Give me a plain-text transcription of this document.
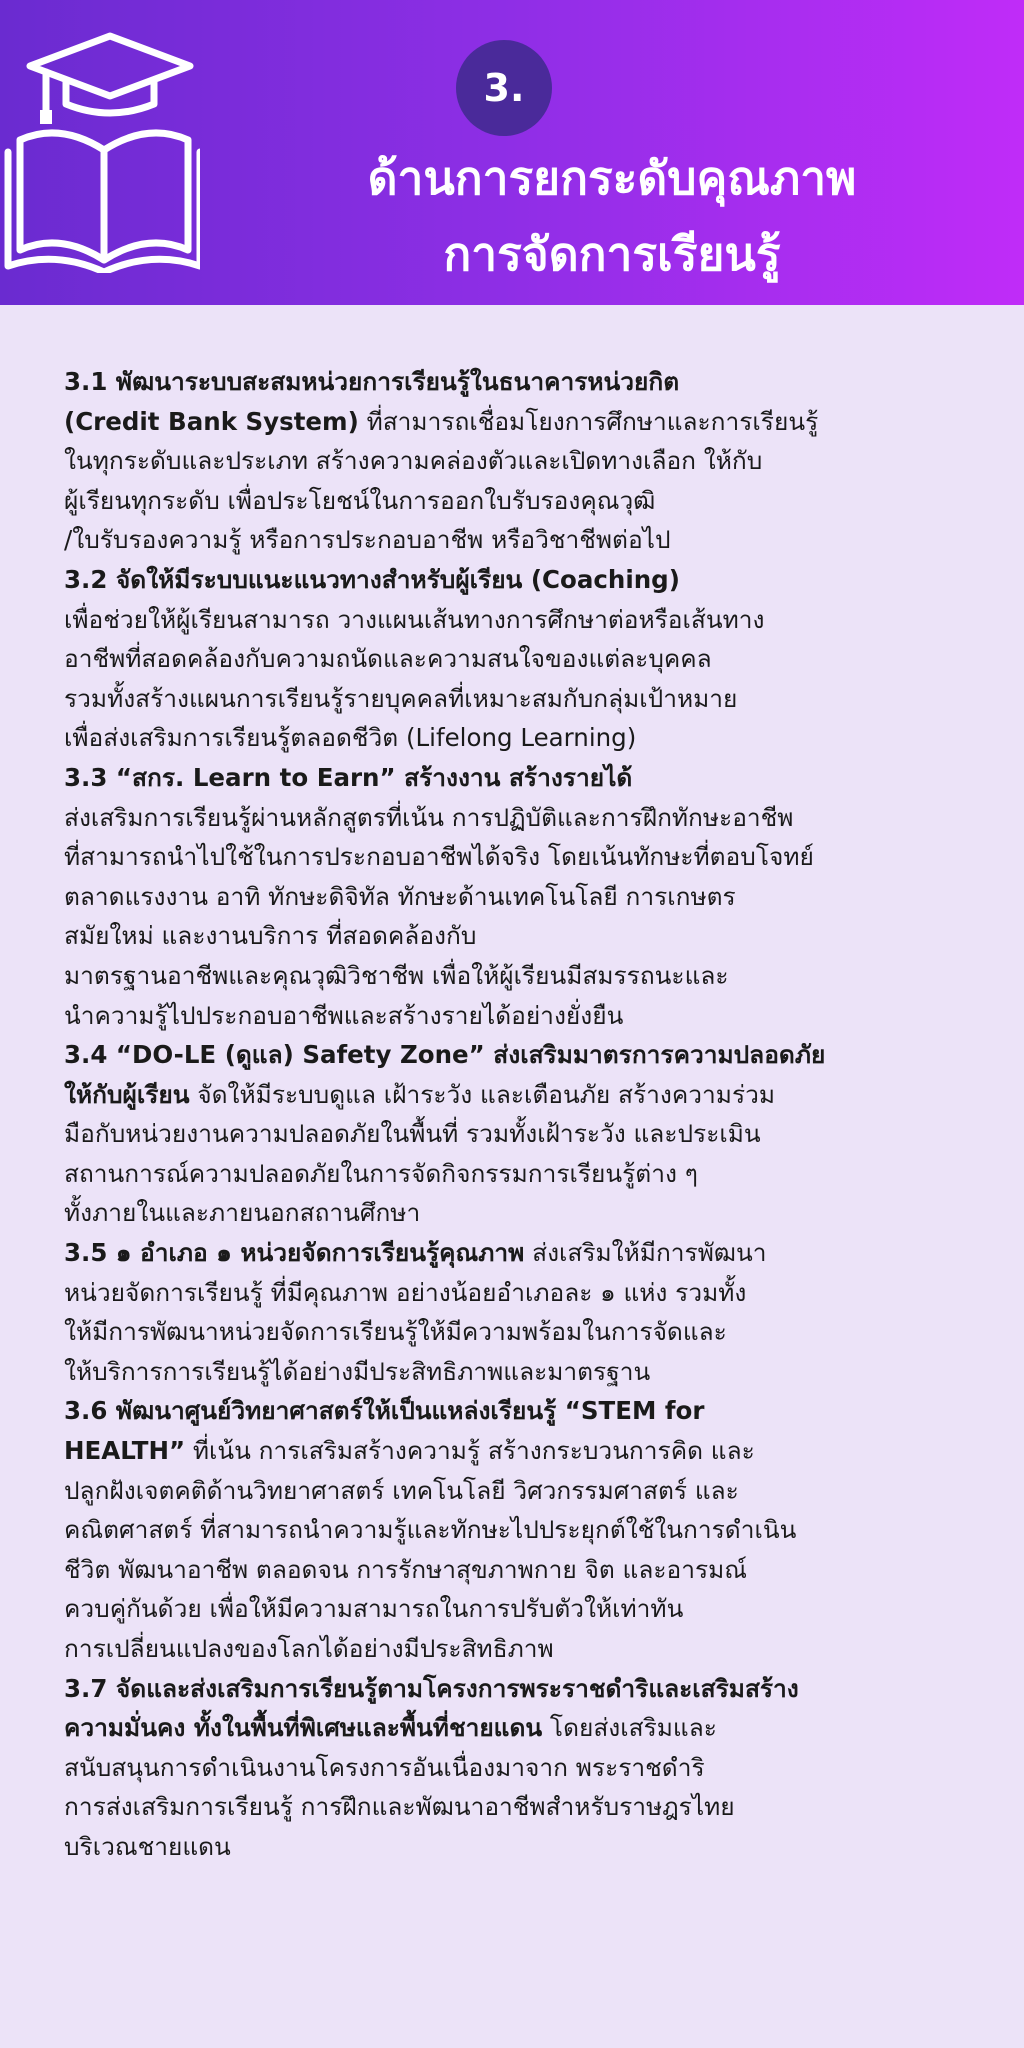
3.
ด้านการยกระดับคุณภาพ
การจัดการเรียนรู้
3.1 พัฒนาระบบสะสมหน่วยการเรียนรู้ในธนาคารหน่วยกิต
(Credit Bank System) ที่สามารถเชื่อมโยงการศึกษาและการเรียนรู้
ในทุกระดับและประเภท สร้างความคล่องตัวและเปิดทางเลือก ให้กับ
ผู้เรียนทุกระดับ เพื่อประโยชน์ในการออกใบรับรองคุณวุฒิ
/ใบรับรองความรู้ หรือการประกอบอาชีพ หรือวิชาชีพต่อไป
3.2 จัดให้มีระบบแนะแนวทางสำหรับผู้เรียน (Coaching)
เพื่อช่วยให้ผู้เรียนสามารถ วางแผนเส้นทางการศึกษาต่อหรือเส้นทาง
อาชีพที่สอดคล้องกับความถนัดและความสนใจของแต่ละบุคคล
รวมทั้งสร้างแผนการเรียนรู้รายบุคคลที่เหมาะสมกับกลุ่มเป้าหมาย
เพื่อส่งเสริมการเรียนรู้ตลอดชีวิต (Lifelong Learning)
3.3 “สกร. Learn to Earn” สร้างงาน สร้างรายได้
ส่งเสริมการเรียนรู้ผ่านหลักสูตรที่เน้น การปฏิบัติและการฝึกทักษะอาชีพ
ที่สามารถนำไปใช้ในการประกอบอาชีพได้จริง โดยเน้นทักษะที่ตอบโจทย์
ตลาดแรงงาน อาทิ ทักษะดิจิทัล ทักษะด้านเทคโนโลยี การเกษตร
สมัยใหม่ และงานบริการ ที่สอดคล้องกับ
มาตรฐานอาชีพและคุณวุฒิวิชาชีพ เพื่อให้ผู้เรียนมีสมรรถนะและ
นำความรู้ไปประกอบอาชีพและสร้างรายได้อย่างยั่งยืน
3.4 “DO-LE (ดูแล) Safety Zone” ส่งเสริมมาตรการความปลอดภัย
ให้กับผู้เรียน จัดให้มีระบบดูแล เฝ้าระวัง และเตือนภัย สร้างความร่วม
มือกับหน่วยงานความปลอดภัยในพื้นที่ รวมทั้งเฝ้าระวัง และประเมิน
สถานการณ์ความปลอดภัยในการจัดกิจกรรมการเรียนรู้ต่าง ๆ
ทั้งภายในและภายนอกสถานศึกษา
3.5 ๑ อำเภอ ๑ หน่วยจัดการเรียนรู้คุณภาพ ส่งเสริมให้มีการพัฒนา
หน่วยจัดการเรียนรู้ ที่มีคุณภาพ อย่างน้อยอำเภอละ ๑ แห่ง รวมทั้ง
ให้มีการพัฒนาหน่วยจัดการเรียนรู้ให้มีความพร้อมในการจัดและ
ให้บริการการเรียนรู้ได้อย่างมีประสิทธิภาพและมาตรฐาน
3.6 พัฒนาศูนย์วิทยาศาสตร์ให้เป็นแหล่งเรียนรู้ “STEM for
HEALTH” ที่เน้น การเสริมสร้างความรู้ สร้างกระบวนการคิด และ
ปลูกฝังเจตคติด้านวิทยาศาสตร์ เทคโนโลยี วิศวกรรมศาสตร์ และ
คณิตศาสตร์ ที่สามารถนำความรู้และทักษะไปประยุกต์ใช้ในการดำเนิน
ชีวิต พัฒนาอาชีพ ตลอดจน การรักษาสุขภาพกาย จิต และอารมณ์
ควบคู่กันด้วย เพื่อให้มีความสามารถในการปรับตัวให้เท่าทัน
การเปลี่ยนแปลงของโลกได้อย่างมีประสิทธิภาพ
3.7 จัดและส่งเสริมการเรียนรู้ตามโครงการพระราชดำริและเสริมสร้าง
ความมั่นคง ทั้งในพื้นที่พิเศษและพื้นที่ชายแดน โดยส่งเสริมและ
สนับสนุนการดำเนินงานโครงการอันเนื่องมาจาก พระราชดำริ
การส่งเสริมการเรียนรู้ การฝึกและพัฒนาอาชีพสำหรับราษฎรไทย
บริเวณชายแดน
